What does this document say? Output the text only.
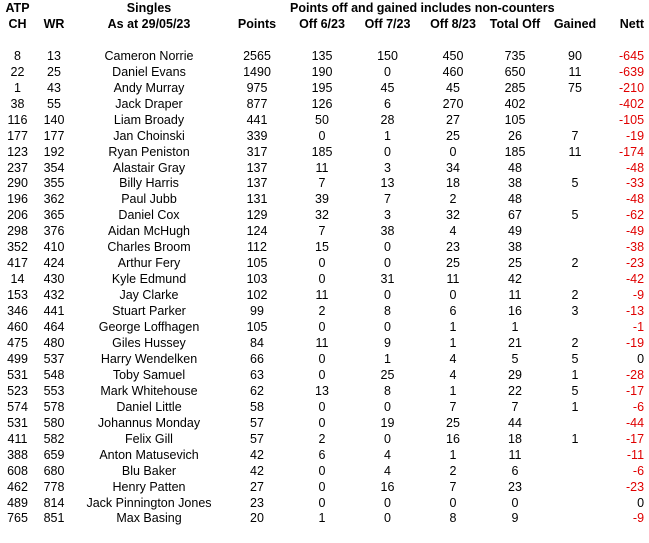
ATP		Singles		Points off and gained includes non-counters					
CH	WR	As at 29/05/23	Points	Off 6/23	Off 7/23	Off 8/23	Total Off	Gained	Nett

8	13	Cameron Norrie	2565	135	150	450	735	90	-645
22	25	Daniel Evans	1490	190	0	460	650	11	-639
1	43	Andy Murray	975	195	45	45	285	75	-210
38	55	Jack Draper	877	126	6	270	402		-402
116	140	Liam Broady	441	50	28	27	105		-105
177	177	Jan Choinski	339	0	1	25	26	7	-19
123	192	Ryan Peniston	317	185	0	0	185	11	-174
237	354	Alastair Gray	137	11	3	34	48		-48
290	355	Billy Harris	137	7	13	18	38	5	-33
196	362	Paul Jubb	131	39	7	2	48		-48
206	365	Daniel Cox	129	32	3	32	67	5	-62
298	376	Aidan McHugh	124	7	38	4	49		-49
352	410	Charles Broom	112	15	0	23	38		-38
417	424	Arthur Fery	105	0	0	25	25	2	-23
14	430	Kyle Edmund	103	0	31	11	42		-42
153	432	Jay Clarke	102	11	0	0	11	2	-9
346	441	Stuart Parker	99	2	8	6	16	3	-13
460	464	George Loffhagen	105	0	0	1	1		-1
475	480	Giles Hussey	84	11	9	1	21	2	-19
499	537	Harry Wendelken	66	0	1	4	5	5	0
531	548	Toby Samuel	63	0	25	4	29	1	-28
523	553	Mark Whitehouse	62	13	8	1	22	5	-17
574	578	Daniel Little	58	0	0	7	7	1	-6
531	580	Johannus Monday	57	0	19	25	44		-44
411	582	Felix Gill	57	2	0	16	18	1	-17
388	659	Anton Matusevich	42	6	4	1	11		-11
608	680	Blu Baker	42	0	4	2	6		-6
462	778	Henry Patten	27	0	16	7	23		-23
489	814	Jack Pinnington Jones	23	0	0	0	0		0
765	851	Max Basing	20	1	0	8	9		-9
